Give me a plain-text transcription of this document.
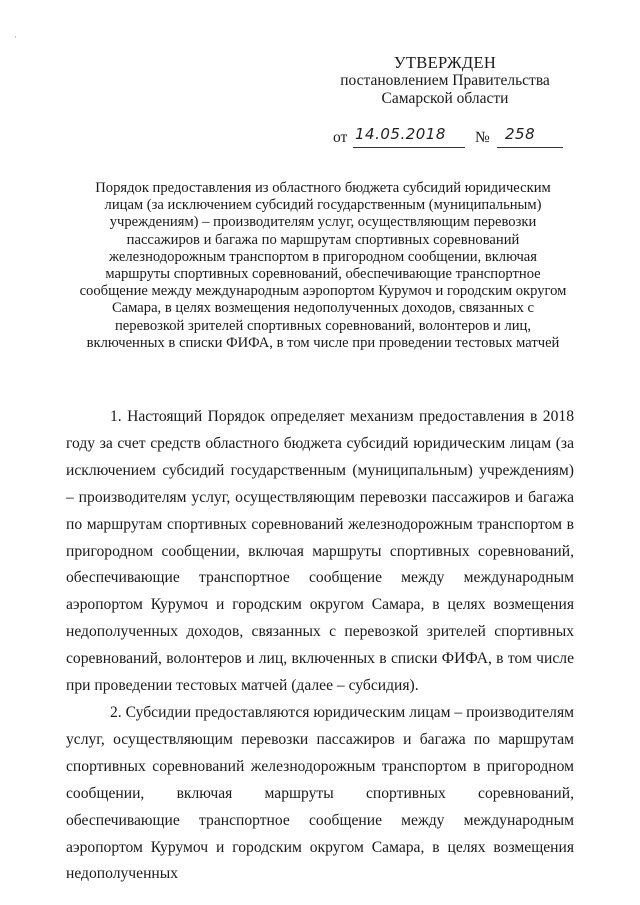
·
УТВЕРЖДЕН
постановлением Правительства
Самарской области
от 14.05.2018 № 258
Порядок предоставления из областного бюджета субсидий юридическим лицам (за исключением субсидий государственным (муниципальным) учреждениям) – производителям услуг, осуществляющим перевозки пассажиров и багажа по маршрутам спортивных соревнований железнодорожным транспортом в пригородном сообщении, включая маршруты спортивных соревнований, обеспечивающие транспортное сообщение между международным аэропортом Курумоч и городским округом Самара, в целях возмещения недополученных доходов, связанных с перевозкой зрителей спортивных соревнований, волонтеров и лиц, включенных в списки ФИФА, в том числе при проведении тестовых матчей

1. Настоящий Порядок определяет механизм предоставления в 2018 году за счет средств областного бюджета субсидий юридическим лицам (за исключением субсидий государственным (муниципальным) учреждениям) – производителям услуг, осуществляющим перевозки пассажиров и багажа по маршрутам спортивных соревнований железнодорожным транспортом в пригородном сообщении, включая маршруты спортивных соревнований, обеспечивающие транспортное сообщение между международным аэропортом Курумоч и городским округом Самара, в целях возмещения недополученных доходов, связанных с перевозкой зрителей спортивных соревнований, волонтеров и лиц, включенных в списки ФИФА, в том числе при проведении тестовых матчей (далее – субсидия).

2. Субсидии предоставляются юридическим лицам – производителям услуг, осуществляющим перевозки пассажиров и багажа по маршрутам спортивных соревнований железнодорожным транспортом в пригородном сообщении, включая маршруты спортивных соревнований, обеспечивающие транспортное сообщение между международным аэропортом Курумоч и городским округом Самара, в целях возмещения недополученных
